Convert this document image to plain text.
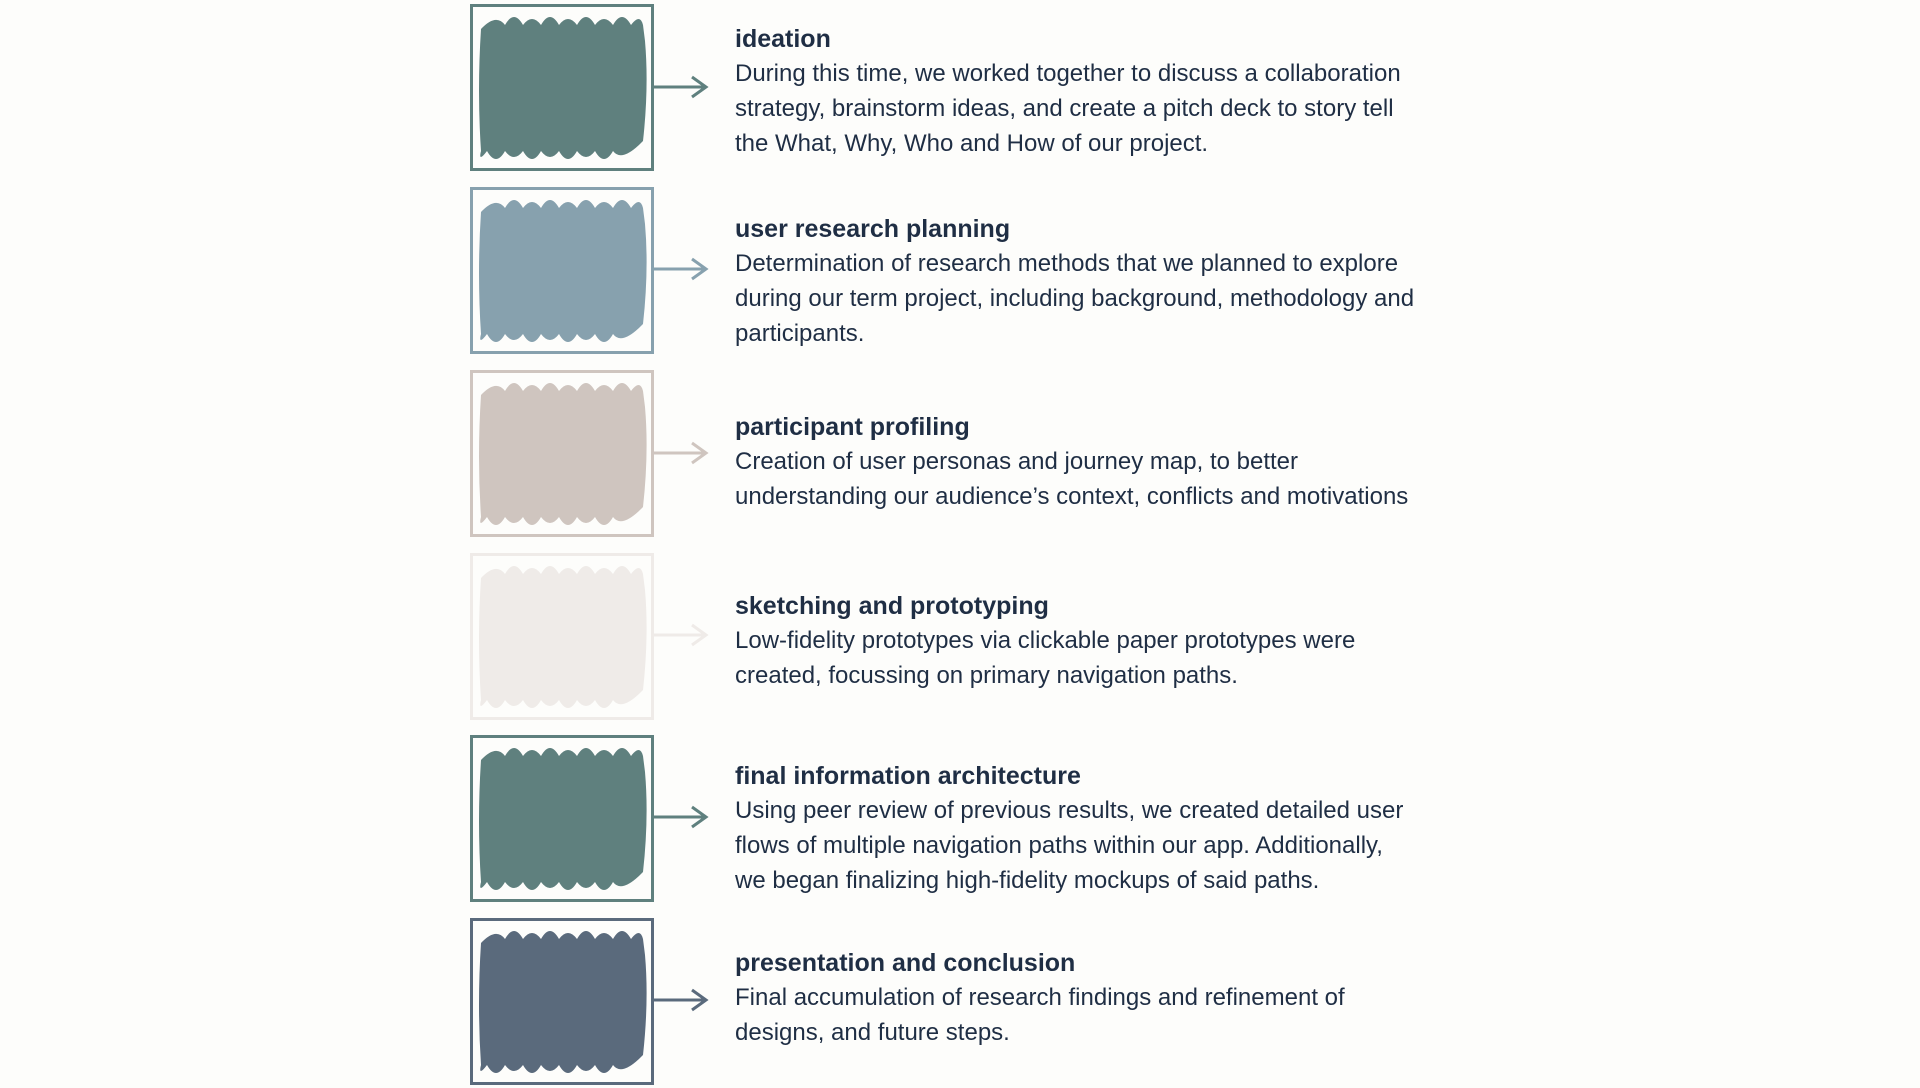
ideation

During this time, we worked together to discuss a collaboration
strategy, brainstorm ideas, and create a pitch deck to story tell
the What, Why, Who and How of our project.

user research planning

Determination of research methods that we planned to explore
during our term project, including background, methodology and
participants.

participant profiling

Creation of user personas and journey map, to better
understanding our audience’s context, conflicts and motivations

sketching and prototyping

Low-fidelity prototypes via clickable paper prototypes were
created, focussing on primary navigation paths.

final information architecture

Using peer review of previous results, we created detailed user
flows of multiple navigation paths within our app. Additionally,
we began finalizing high-fidelity mockups of said paths.

presentation and conclusion

Final accumulation of research findings and refinement of
designs, and future steps.
